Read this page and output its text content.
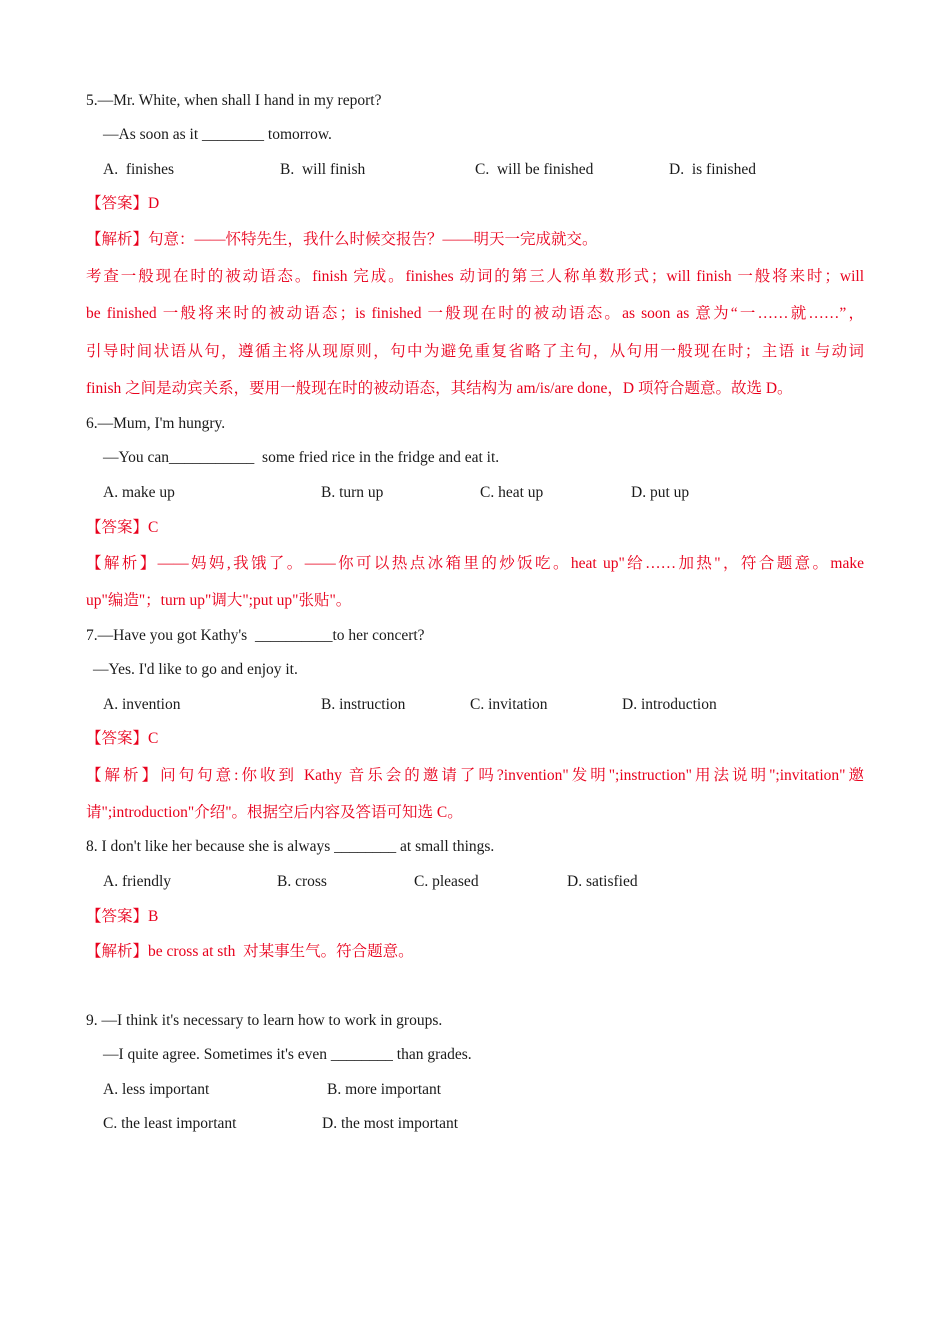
5.—Mr. White, when shall I hand in my report?
—As soon as it ________ tomorrow.
A.  finishes	B.  will finish	C.  will be finished	D.  is finished
【答案】D
【解析】句意：——怀特先生，我什么时候交报告？——明天一完成就交。
考查一般现在时的被动语态。finish 完成。finishes 动词的第三人称单数形式；will finish 一般将来时；will
be finished 一般将来时的被动语态；is finished 一般现在时的被动语态。as soon as 意为“一……就……”，
引导时间状语从句，遵循主将从现原则，句中为避免重复省略了主句，从句用一般现在时；主语 it 与动词
finish 之间是动宾关系，要用一般现在时的被动语态，其结构为 am/is/are done，D 项符合题意。故选 D。
6.—Mum, I'm hungry.
—You can___________  some fried rice in the fridge and eat it.
A. make up	B. turn up	C. heat up	D. put up
【答案】C
【解析】——妈妈,我饿了。——你可以热点冰箱里的炒饭吃。heat up"给……加热"，符合题意。make
up"编造"；turn up"调大";put up"张贴"。
7.—Have you got Kathy's  __________to her concert?
—Yes. I'd like to go and enjoy it.
A. invention	B. instruction	C. invitation	D. introduction
【答案】C
【解析】问句句意:你收到 Kathy 音乐会的邀请了吗?invention"发明";instruction"用法说明";invitation"邀
请";introduction"介绍"。根据空后内容及答语可知选 C。
8. I don't like her because she is always ________ at small things.
A. friendly	B. cross	C. pleased	D. satisfied
【答案】B
【解析】be cross at sth  对某事生气。符合题意。
9. —I think it's necessary to learn how to work in groups.
—I quite agree. Sometimes it's even ________ than grades.
A. less important	B. more important
C. the least important	D. the most important
